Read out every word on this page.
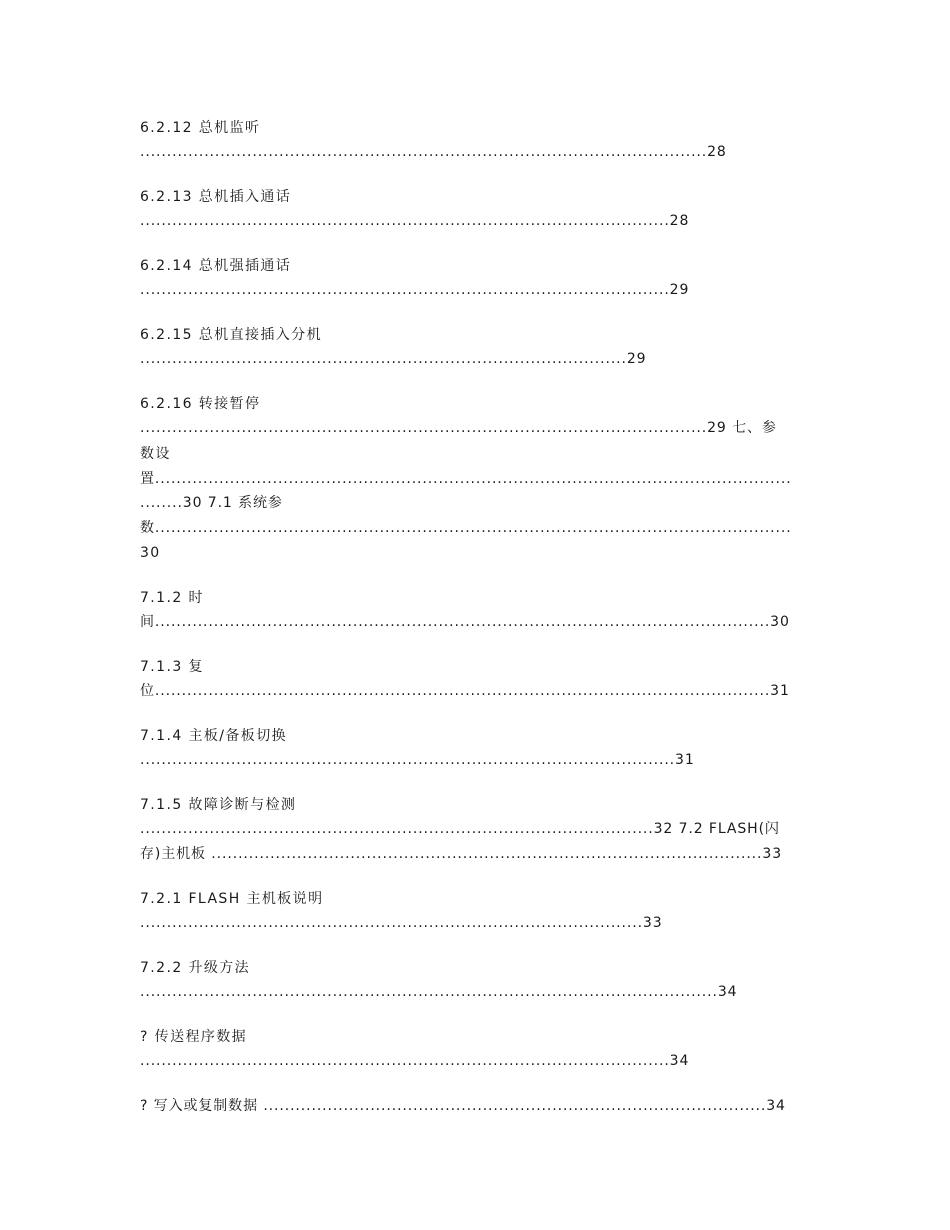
6.2.12 总机监听
..........................................................................................................28
6.2.13 总机插入通话
...................................................................................................28
6.2.14 总机强插通话
...................................................................................................29
6.2.15 总机直接插入分机
...........................................................................................29
6.2.16 转接暂停
..........................................................................................................29 七、参
数设
置.......................................................................................................................
........30 7.1 系统参
数.......................................................................................................................
30
7.1.2 时
间...................................................................................................................30
7.1.3 复
位...................................................................................................................31
7.1.4 主板/备板切换
....................................................................................................31
7.1.5 故障诊断与检测
................................................................................................32 7.2 FLASH(闪
存)主机板 .......................................................................................................33
7.2.1 FLASH 主机板说明
..............................................................................................33
7.2.2 升级方法
............................................................................................................34
? 传送程序数据
...................................................................................................34
? 写入或复制数据 ..............................................................................................34
